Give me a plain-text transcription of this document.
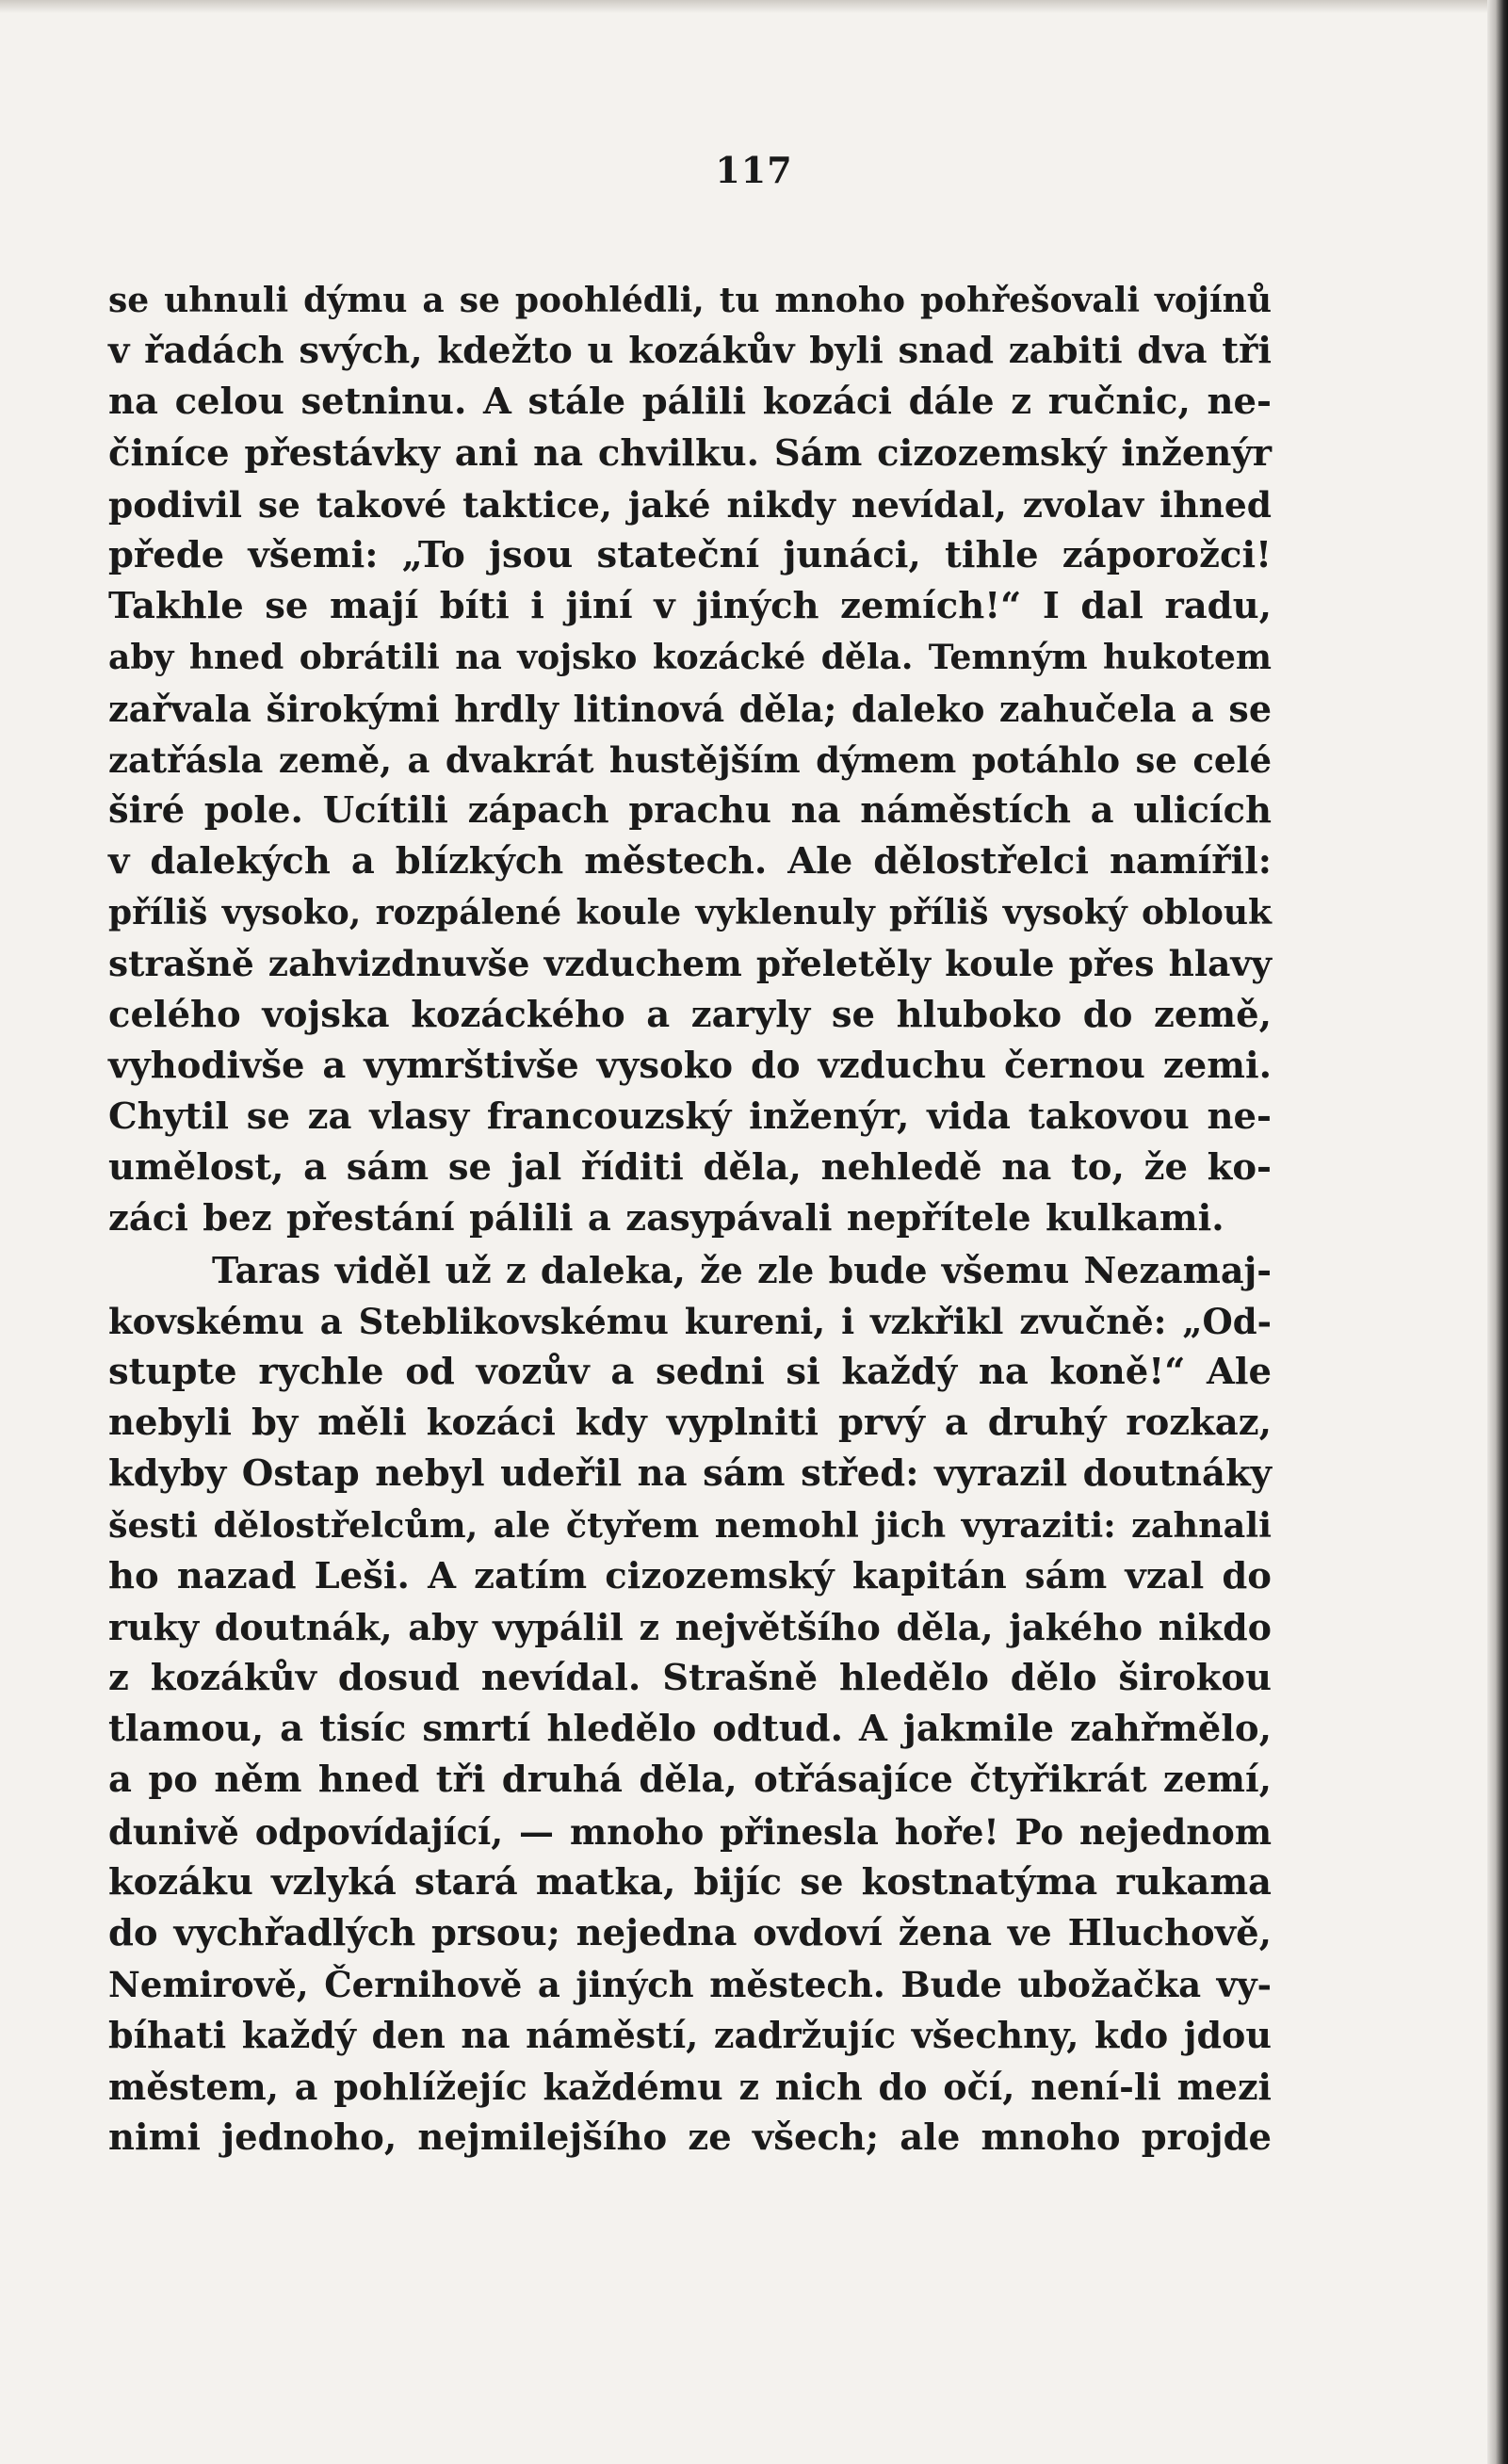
117
se uhnuli dýmu a se poohlédli, tu mnoho pohřešovali vojínů
v řadách svých, kdežto u kozákův byli snad zabiti dva tři
na celou setninu. A stále pálili kozáci dále z ručnic, ne-
činíce přestávky ani na chvilku. Sám cizozemský inženýr
podivil se takové taktice, jaké nikdy nevídal, zvolav ihned
přede všemi: „To jsou stateční junáci, tihle záporožci!
Takhle se mají bíti i jiní v jiných zemích!“ I dal radu,
aby hned obrátili na vojsko kozácké děla. Temným hukotem
zařvala širokými hrdly litinová děla; daleko zahučela a se
zatřásla země, a dvakrát hustějším dýmem potáhlo se celé
širé pole. Ucítili zápach prachu na náměstích a ulicích
v dalekých a blízkých městech. Ale dělostřelci namířil:
příliš vysoko, rozpálené koule vyklenuly příliš vysoký oblouk
strašně zahvizdnuvše vzduchem přeletěly koule přes hlavy
celého vojska kozáckého a zaryly se hluboko do země,
vyhodivše a vymrštivše vysoko do vzduchu černou zemi.
Chytil se za vlasy francouzský inženýr, vida takovou ne-
umělost, a sám se jal říditi děla, nehledě na to, že ko-
záci bez přestání pálili a zasypávali nepřítele kulkami.
Taras viděl už z daleka, že zle bude všemu Nezamaj-
kovskému a Steblikovskému kureni, i vzkřikl zvučně: „Od-
stupte rychle od vozův a sedni si každý na koně!“ Ale
nebyli by měli kozáci kdy vyplniti prvý a druhý rozkaz,
kdyby Ostap nebyl udeřil na sám střed: vyrazil doutnáky
šesti dělostřelcům, ale čtyřem nemohl jich vyraziti: zahnali
ho nazad Leši. A zatím cizozemský kapitán sám vzal do
ruky doutnák, aby vypálil z největšího děla, jakého nikdo
z kozákův dosud nevídal. Strašně hledělo dělo širokou
tlamou, a tisíc smrtí hledělo odtud. A jakmile zahřmělo,
a po něm hned tři druhá děla, otřásajíce čtyřikrát zemí,
dunivě odpovídající, — mnoho přinesla hoře! Po nejednom
kozáku vzlyká stará matka, bijíc se kostnatýma rukama
do vychřadlých prsou; nejedna ovdoví žena ve Hluchově,
Nemirově, Černihově a jiných městech. Bude ubožačka vy-
bíhati každý den na náměstí, zadržujíc všechny, kdo jdou
městem, a pohlížejíc každému z nich do očí, není-li mezi
nimi jednoho, nejmilejšího ze všech; ale mnoho projde
